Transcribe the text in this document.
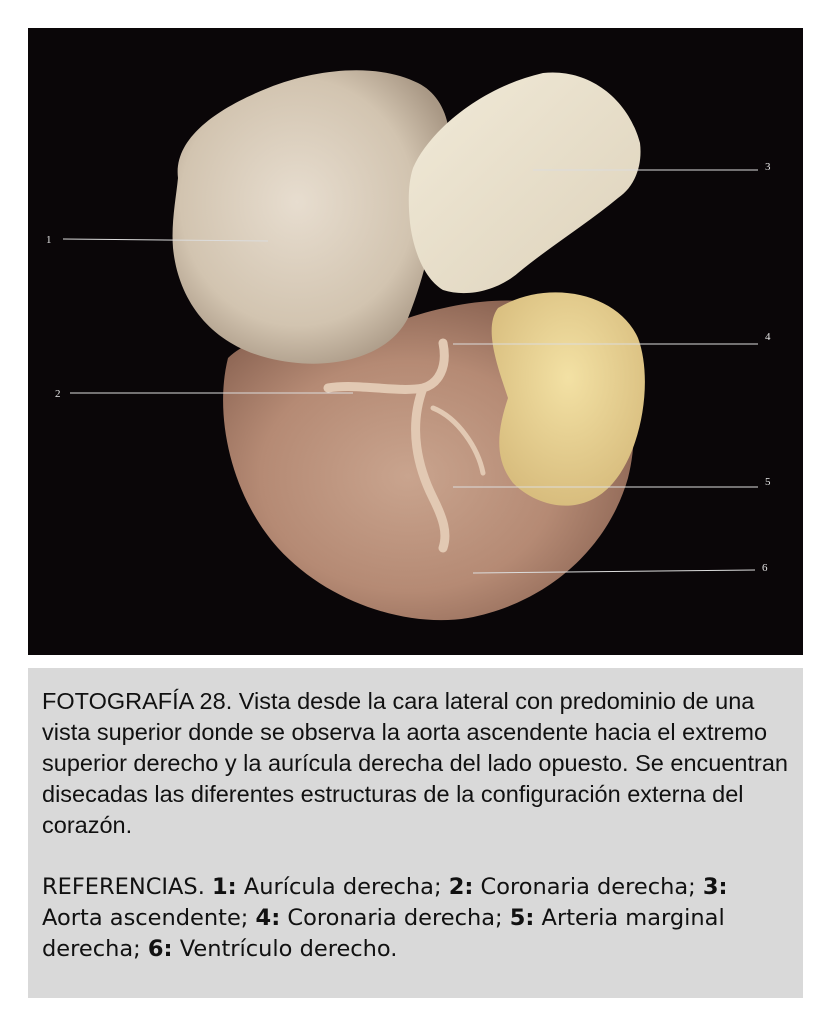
1
2
3
4
5
6

FOTOGRAFÍA 28. Vista desde la cara lateral con predominio de una vista superior donde se observa la aorta ascendente hacia el extremo superior derecho y la aurícula derecha del lado opuesto. Se encuentran disecadas las diferentes estructuras de la configuración externa del corazón.

REFERENCIAS. 1: Aurícula derecha; 2: Coronaria derecha; 3: Aorta ascendente; 4: Coronaria derecha; 5: Arteria marginal derecha; 6: Ventrículo derecho.
